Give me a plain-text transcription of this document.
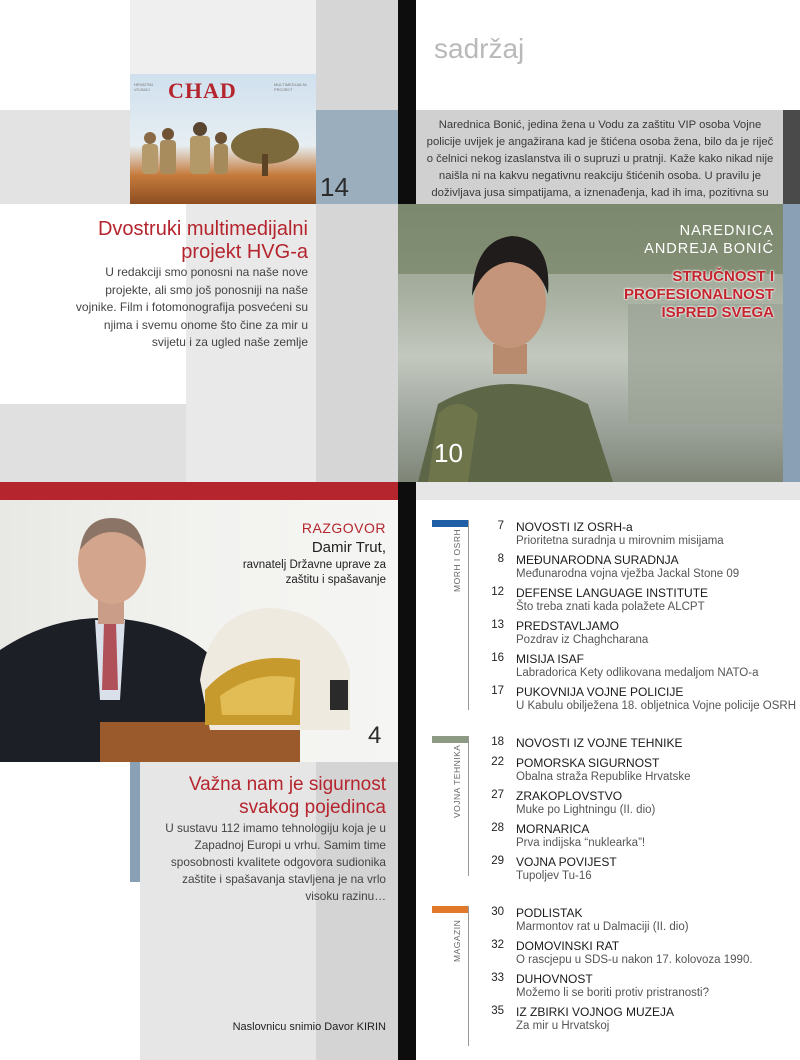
HRVATSKI VOJNICI CHAD	MULTIMEDIJALNI PROJEKT
14
sadržaj
Narednica Bonić, jedina žena u Vodu za zaštitu VIP osoba Vojne policije uvijek je angažirana kad je štićena osoba žena, bilo da je riječ o čelnici nekog izaslanstva ili o supruzi u pratnji. Kaže kako nikad nije naišla ni na kakvu negativnu reakciju štićenih osoba. U pravilu je doživljava jusa simpatijama, a iznenađenja, kad ih ima, pozitivna su
Dvostruki multimedijalni projekt HVG-a
U redakciji smo ponosni na naše nove projekte, ali smo još ponosniji na naše vojnike. Film i fotomonografija posvećeni su njima i svemu onome što čine za mir u svijetu i za ugled naše zemlje
NAREDNICA
ANDREJA BONIĆ
STRUČNOST I
PROFESIONALNOST
ISPRED SVEGA
10
4
RAZGOVOR
Damir Trut,
ravnatelj Državne uprave za zaštitu i spašavanje
Važna nam je sigurnost svakog pojedinca
U sustavu 112 imamo tehnologiju koja je u Zapadnoj Europi u vrhu. Samim time sposobnosti kvalitete odgovora sudionika zaštite i spašavanja stavljena je na vrlo visoku razinu…
Naslovnicu snimio Davor KIRIN
MORH I OSRH
7 NOVOSTI IZ OSRH-a
Prioritetna suradnja u mirovnim misijama
8 MEĐUNARODNA SURADNJA
Međunarodna vojna vježba Jackal Stone 09
12 DEFENSE LANGUAGE INSTITUTE
Što treba znati kada polažete ALCPT
13 PREDSTAVLJAMO
Pozdrav iz Chaghcharana
16 MISIJA ISAF
Labradorica Kety odlikovana medaljom NATO-a
17 PUKOVNIJA VOJNE POLICIJE
U Kabulu obilježena 18. obljetnica Vojne policije OSRH
VOJNA TEHNIKA
18 NOVOSTI IZ VOJNE TEHNIKE
22 POMORSKA SIGURNOST
Obalna straža Republike Hrvatske
27 ZRAKOPLOVSTVO
Muke po Lightningu (II. dio)
28 MORNARICA
Prva indijska “nuklearka”!
29 VOJNA POVIJEST
Tupoljev Tu-16
MAGAZIN
30 PODLISTAK
Marmontov rat u Dalmaciji (II. dio)
32 DOMOVINSKI RAT
O rascjepu u SDS-u nakon 17. kolovoza 1990.
33 DUHOVNOST
Možemo li se boriti protiv pristranosti?
35 IZ ZBIRKI VOJNOG MUZEJA
Za mir u Hrvatskoj
